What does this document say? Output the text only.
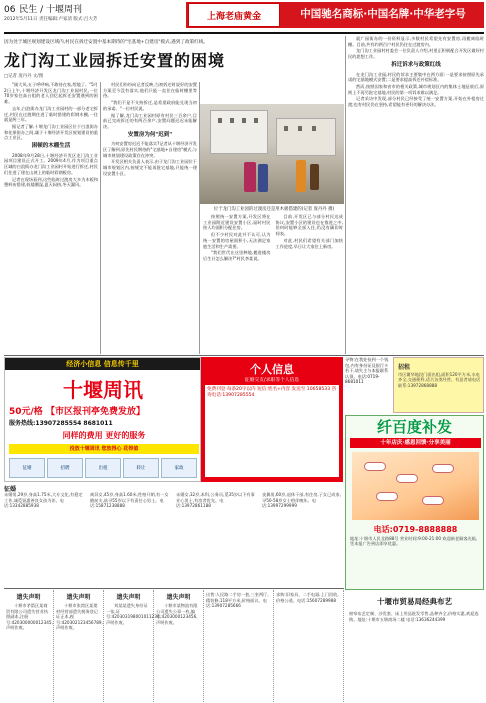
06 民生 / 十堰周刊
2012年5月11日 责任编辑:卢家清 版式:吕大芳	上海老庙黄金	中国驰名商标·中国名牌·中华老字号
因为处于城区规划建设区域内,村民在拆迁安置中基本期待的"宅基地+自建房"模式,遇到了政策红线。
龙门沟工业园拆迁安置的困境
□记者 庞丹丹 文/图

"刚大风,五子呼呼响,不敢待在家,给地了。"5月2日上午,十堰经济开发区龙门沟工业园村民,一位70岁家住高台组的老人回忆起拆迁安置遇到的困难。

去年,白浪街办龙门沟工业园村的一部分老宅拆迁,村民在过渡期住进了临时搭建的彩钢木棚,一住就是两三年。

据记者了解,十堰龙门沟工业园区位于白浪街办和花果街办之间,属于十堰经济开发区规划建设的重点工业区。

困顿的木棚生活

2008年9月28日,十堰经济开发区龙门沟工业园项目建设正式开工。2009年4月,作为项目重点区域的白浪街办龙门沟工业园村开始进行拆迁,村民们住进了建在山坡上的临时彩钢板房。

记者在现场看到,这些临时过渡房大多为木板和塑料布搭建,低矮潮湿,夏天闷热,冬天漏风。

村民们纷纷向记者反映,当初拆迁时说好的安置方案至今没有落实,他们只能一直住在临时棚里等待。

"我们不是不支持拆迁,是希望政府能兑现当初的承诺。"一位村民说。

据了解,龙门沟工业园村原有村民三百余户,目前已完成拆迁的有两百余户,安置问题迟迟未能解决。

安置房为何"迟到"

为何安置房迟迟不能落实?记者从十堰经济开发区了解到,原先村民期待的"宅基地+自建房"模式,与城市规划建设政策存在冲突。

开发区相关负责人表示,由于龙门沟工业园位于城市规划区内,按规定不能再批宅基地,只能统一建设安置小区。

位于龙门沟工业园的过渡房还是用木板搭建的(记者 庞丹丹 摄)

按照统一安置方案,开发区将在工业园附近建设安置小区,届时村民按人均面积分配住房。

但不少村民对此并不认可,认为统一安置的房屋面积小,无法满足家庭生活和生产需要。

"我们世代在这里种地,搬进楼房后生计怎么解决?"村民李某说。

目前,开发区已与部分村民达成协议,安置小区的建设也在推进之中,但何时能够全部入住,仍没有确切时间表。

对此,村民们希望有关部门加快工作进度,早日让大家住上新房。

就广园街办的一份资料显示,多数村民希望先有安置房,再搬离临时棚。目前,共有约两百户村民仍住在过渡房内。

龙门沟工业园村村委会一位负责人介绍,村里正积极配合开发区做好村民的思想工作。

拆迁诉求与政策红线

在龙门沟工业园,村民的诉求主要集中在两方面:一是要求按照原先承诺的宅基地模式安置;二是要求提高拆迁补偿标准。

然而,按照国家和省市的相关政策,城市规划区内的集体土地征收后,原则上不再另批宅基地,村民的第一项诉求难以满足。

记者采访中发现,部分村民已经接受了统一安置方案,开始在外租房过渡;也有村民仍在坚持,希望能有更好的解决办法。

经济小信息 信息传千里
十堰周讯
50元/格 【市区报刊亭免费发放】
服务热线:13907285554 8681011
同样的费用 更好的服务
投放十堰周讯 您放得心 花得值
征婚	招聘	出租	转让	家政
个人信息
征婚交友/求职等个人信息
免费刊登 每条20字以内 短信:姓名+内容 发送至 10658533 咨询电话:13907285554
寻物:在我处捡到一个钱包,内有身份证及银行卡若干,请失主与本报联系认领。电话:0719-8681011
招租
市区繁华地段门面出租,面积120平方米,水电齐全,交通便利,适合各类经营。有意者请电话联系:13972868888
纤百度补发
十年店庆·感恩回馈·分享美丽
电话:0719-8888888
地址:十堰市人民北路88号 营业时间:9:00-21:00 欢迎新老顾客光临,凭本报广告到店即享优惠。
征婚
未婚男,29岁,身高1.75米,大专文化,有稳定工作,诚觅贤惠善良女孩为伴。电话:13342885938
离异女,45岁,身高1.60米,性格开朗,有一女随前夫,欲寻55岁以下有责任心男士。电话:15871238888
未婚女,32岁,本科,公务员,觅35岁以下有事业心男士,有房者优先。电话:13972861188
丧偶男,60岁,退休干部,有住房,子女已成家,寻50-58岁女士相伴晚年。电话:13997299999
遗失声明
十堰市茅箭区某商贸有限公司遗失营业执照副本,注册号:420300000012345,声明作废。
遗失声明
十堰市张湾区某建材经营部遗失税务登记证正本,税号:420302123456789,声明作废。
遗失声明
刘某某遗失身份证一张,证号:420303198001011234,声明作废。
遗失声明
十堰市某物流有限公司遗失公章一枚,编号:4203000123456,声明作废。
出售:人民路二手房一套,三室两厅,精装修,118平方米,价格面议。电话:13907285666
求购:旧家具、二手电器,上门回收,价格公道。电话:15607289988	十堰市贸易局经典布艺
窗帘布艺定制、沙发套、床上用品批发零售,品种齐全,价格实惠,欢迎选购。地址:十堰市五堰商场二楼 电话:13636244399
